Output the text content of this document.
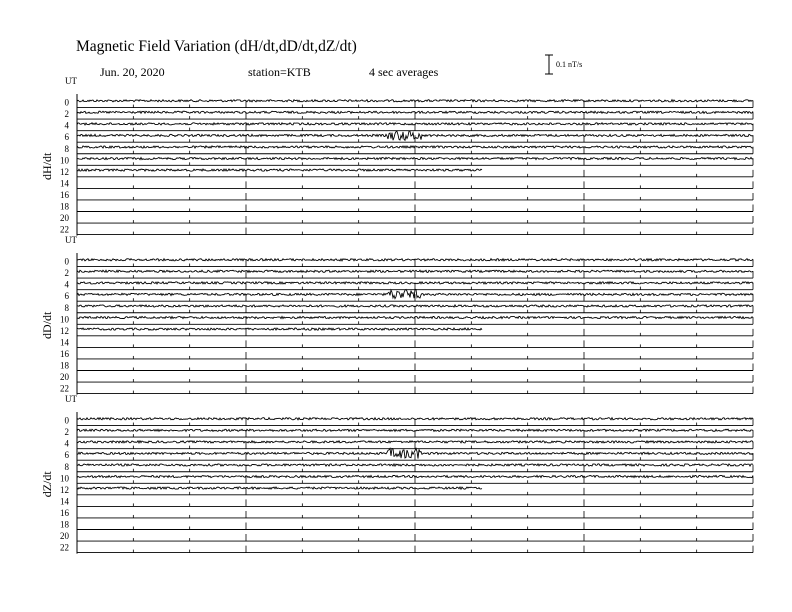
Magnetic Field Variation (dH/dt,dD/dt,dZ/dt)
Jun. 20, 2020	station=KTB	4 sec averages
0.1 nT/s
UT
dH/dt
0
2
4
6
8
10
12
14
16
18
20
22
UT
dD/dt
0
2
4
6
8
10
12
14
16
18
20
22
UT
dZ/dt
0
2
4
6
8
10
12
14
16
18
20
22
